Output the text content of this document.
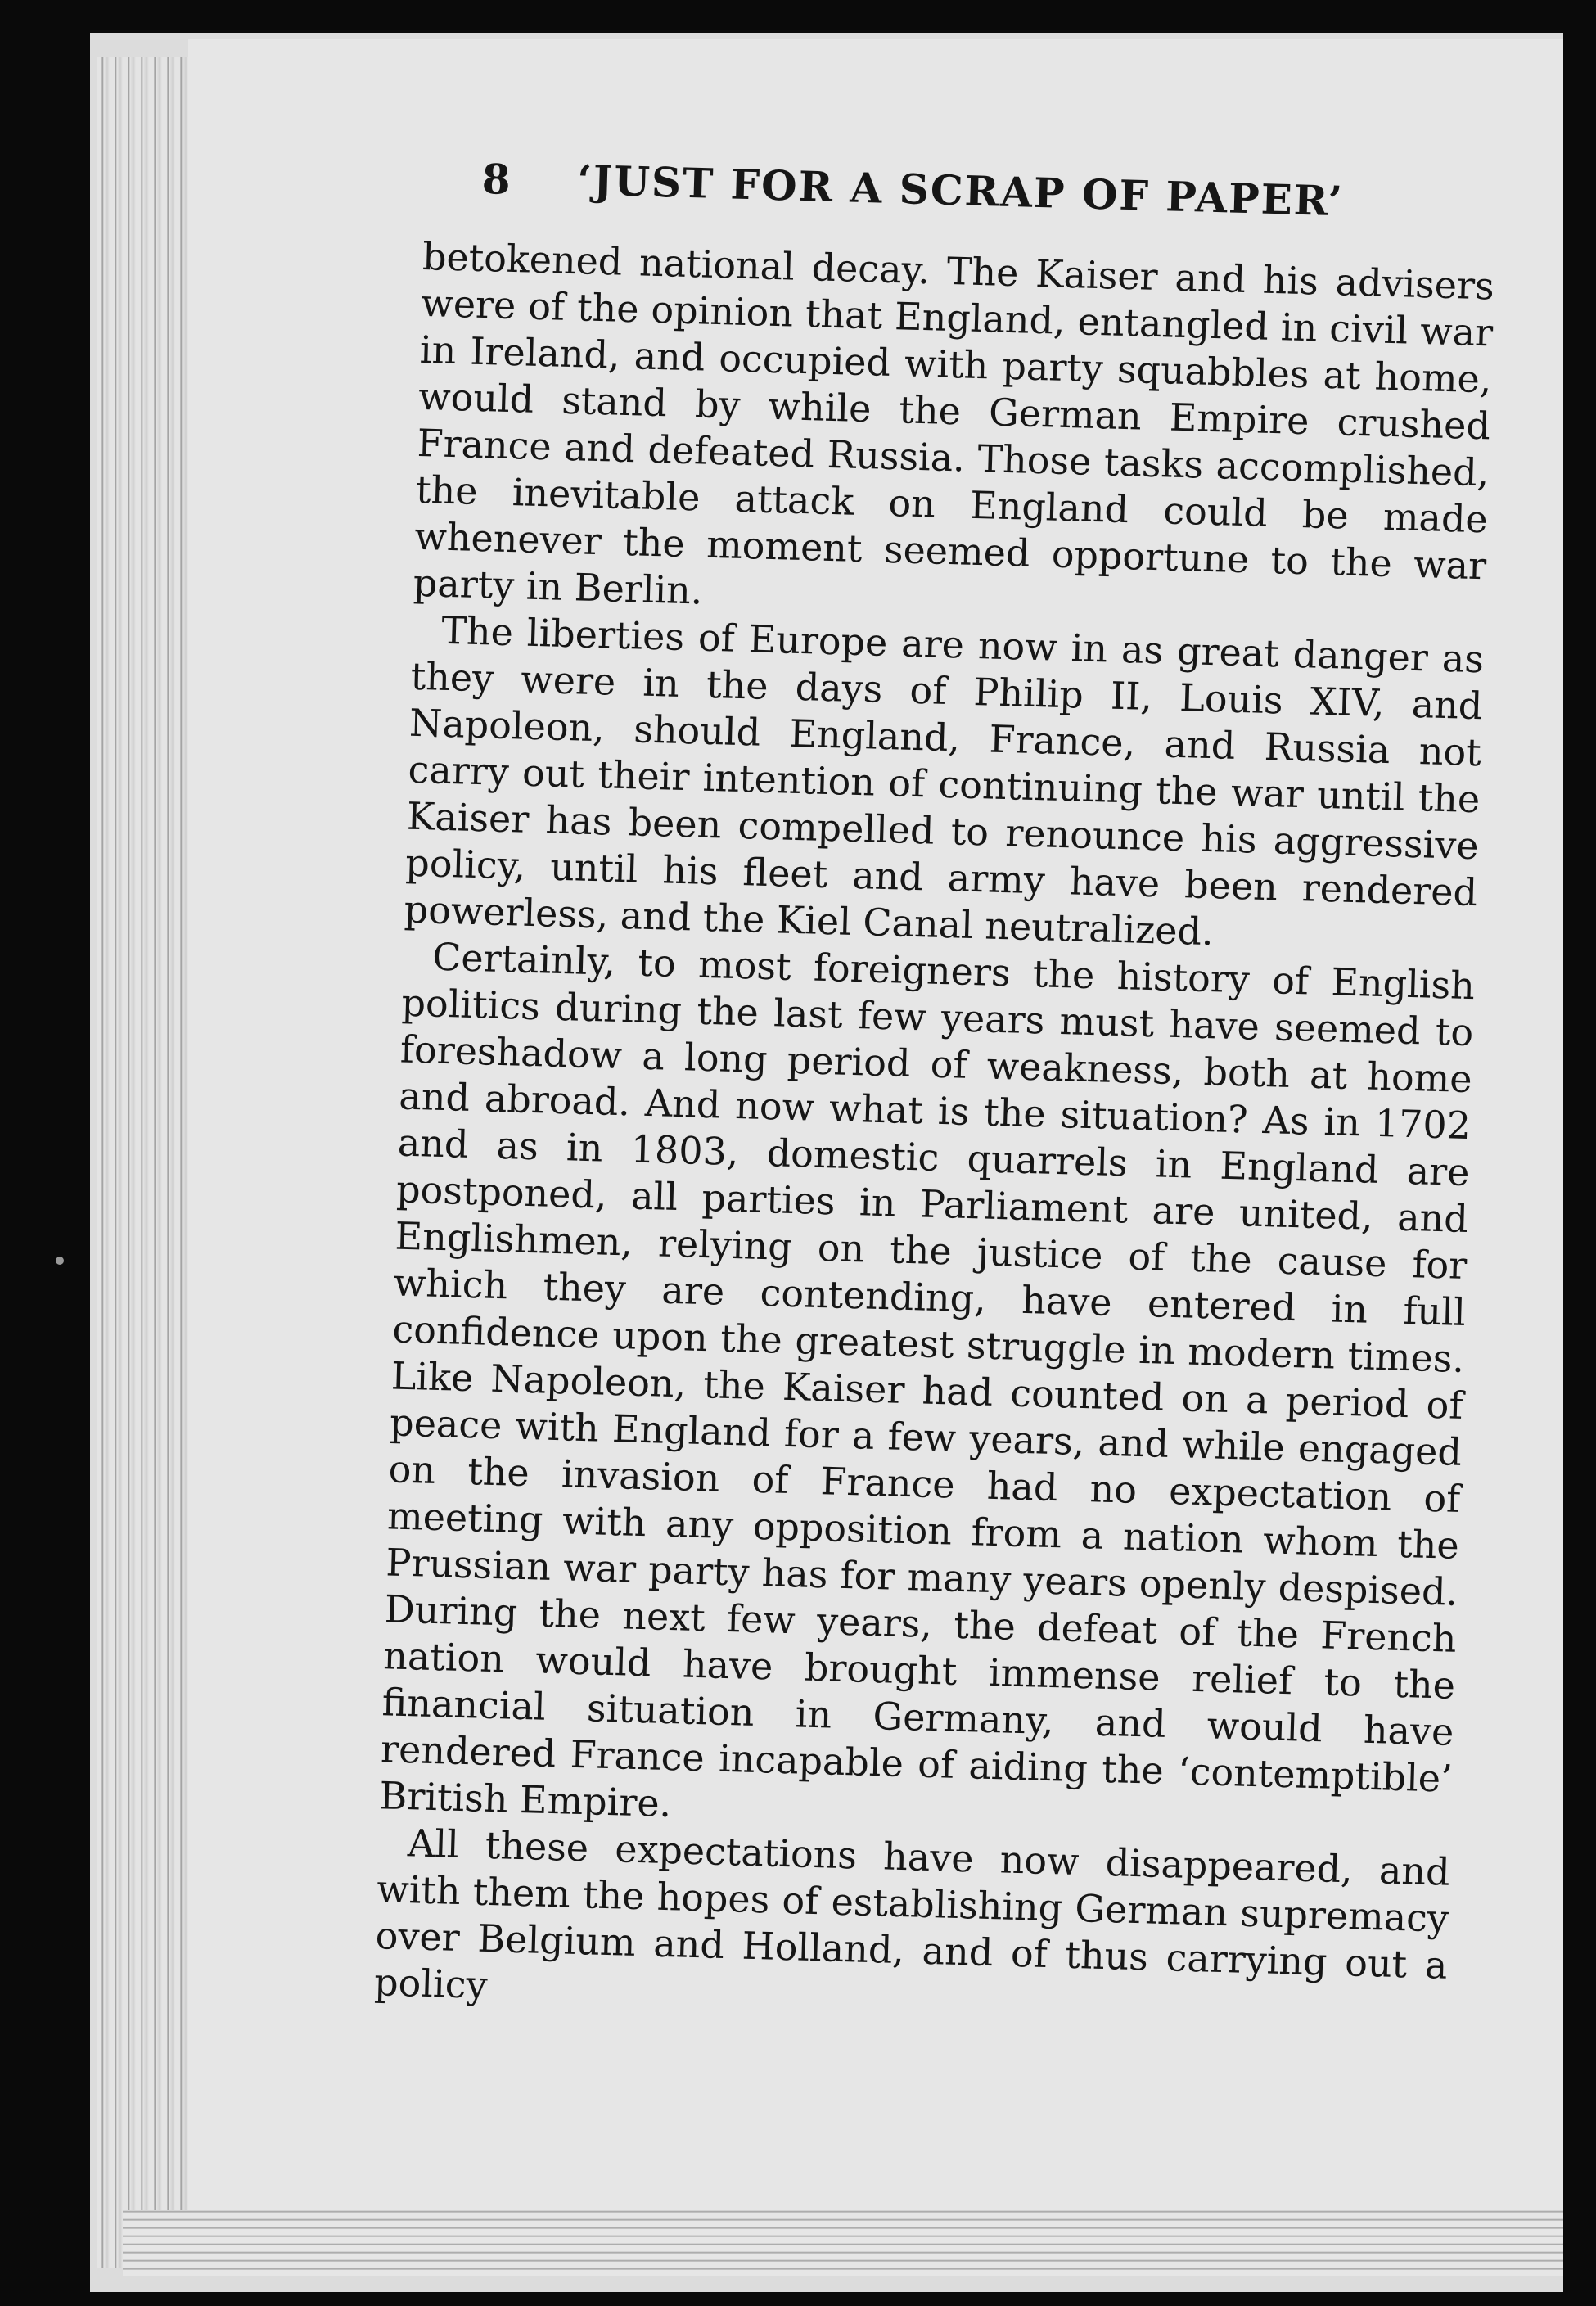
8	‘JUST FOR A SCRAP OF PAPER’

betokened national decay. The Kaiser and his advisers were of the opinion that England, entangled in civil war in Ireland, and occupied with party squabbles at home, would stand by while the German Empire crushed France and defeated Russia. Those tasks accomplished, the inevitable attack on England could be made whenever the moment seemed opportune to the war party in Berlin.

The liberties of Europe are now in as great danger as they were in the days of Philip II, Louis XIV, and Napoleon, should England, France, and Russia not carry out their intention of continuing the war until the Kaiser has been compelled to renounce his aggressive policy, until his fleet and army have been rendered powerless, and the Kiel Canal neutralized.

Certainly, to most foreigners the history of English politics during the last few years must have seemed to foreshadow a long period of weakness, both at home and abroad. And now what is the situation? As in 1702 and as in 1803, domestic quarrels in England are postponed, all parties in Parliament are united, and Englishmen, relying on the justice of the cause for which they are contending, have entered in full confidence upon the greatest struggle in modern times. Like Napoleon, the Kaiser had counted on a period of peace with England for a few years, and while engaged on the invasion of France had no expectation of meeting with any opposition from a nation whom the Prussian war party has for many years openly despised. During the next few years, the defeat of the French nation would have brought immense relief to the financial situation in Germany, and would have rendered France incapable of aiding the ‘contemptible’ British Empire.

All these expectations have now disappeared, and with them the hopes of establishing German supremacy over Belgium and Holland, and of thus carrying out a policy
